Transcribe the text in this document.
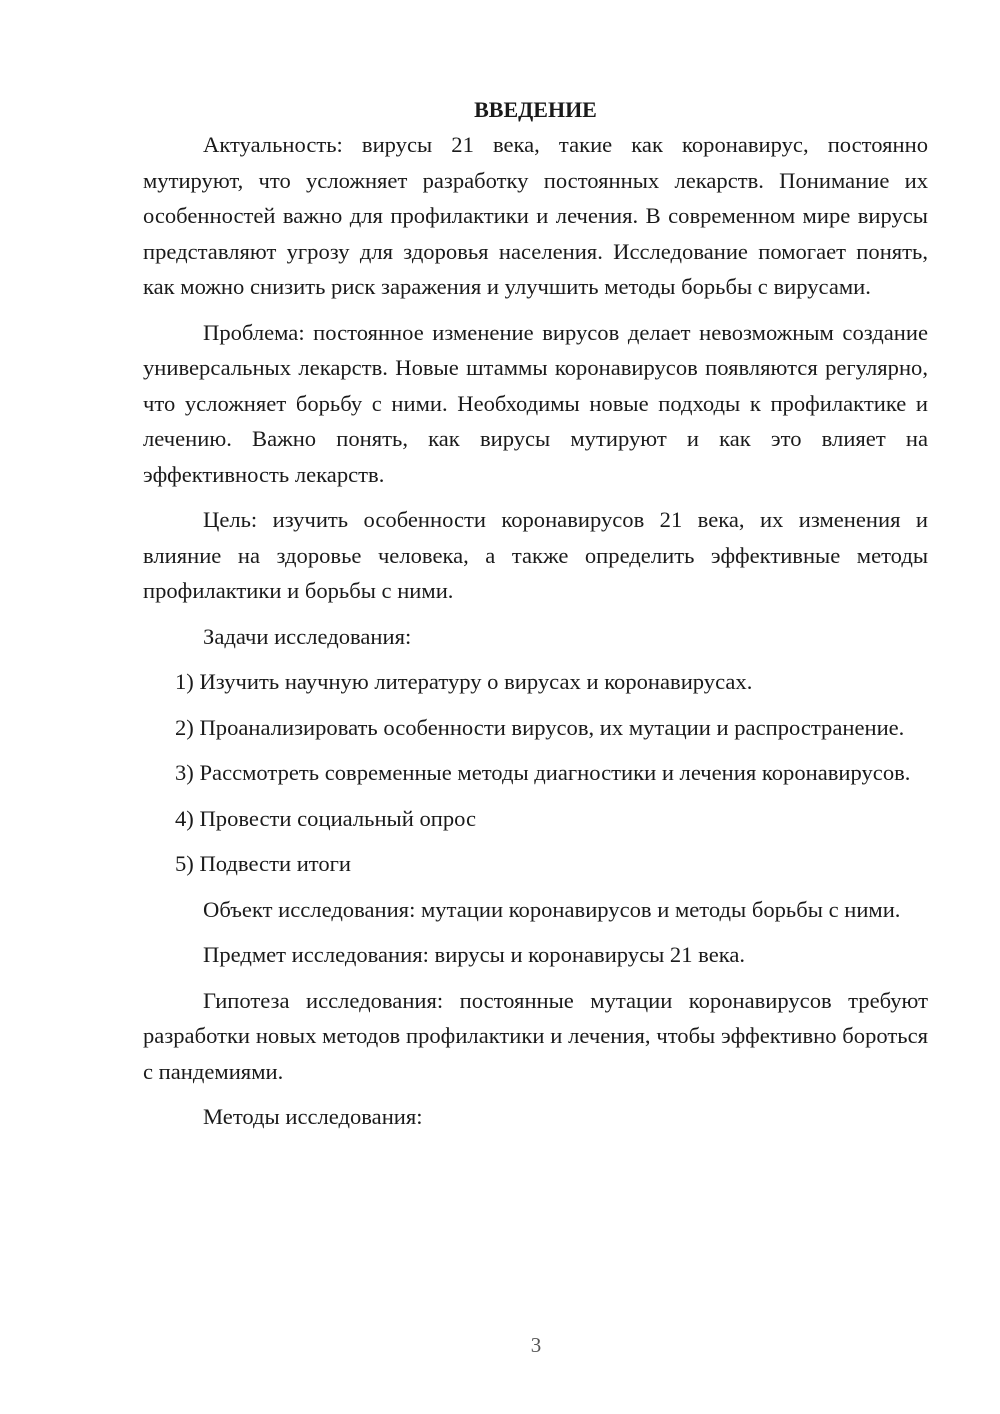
ВВЕДЕНИЕ

Актуальность: вирусы 21 века, такие как коронавирус, постоянно мутируют, что усложняет разработку постоянных лекарств. Понимание их особенностей важно для профилактики и лечения. В современном мире вирусы представляют угрозу для здоровья населения. Исследование помогает понять, как можно снизить риск заражения и улучшить методы борьбы с вирусами.

Проблема: постоянное изменение вирусов делает невозможным создание универсальных лекарств. Новые штаммы коронавирусов появляются регулярно, что усложняет борьбу с ними. Необходимы новые подходы к профилактике и лечению. Важно понять, как вирусы мутируют и как это влияет на эффективность лекарств.

Цель: изучить особенности коронавирусов 21 века, их изменения и влияние на здоровье человека, а также определить эффективные методы профилактики и борьбы с ними.

Задачи исследования:

1) Изучить научную литературу о вирусах и коронавирусах.

2) Проанализировать особенности вирусов, их мутации и распространение.

3) Рассмотреть современные методы диагностики и лечения коронавирусов.

4) Провести социальный опрос

5) Подвести итоги

Объект исследования: мутации коронавирусов и методы борьбы с ними.

Предмет исследования: вирусы и коронавирусы 21 века.

Гипотеза исследования: постоянные мутации коронавирусов требуют разработки новых методов профилактики и лечения, чтобы эффективно бороться с пандемиями.

Методы исследования:

3
